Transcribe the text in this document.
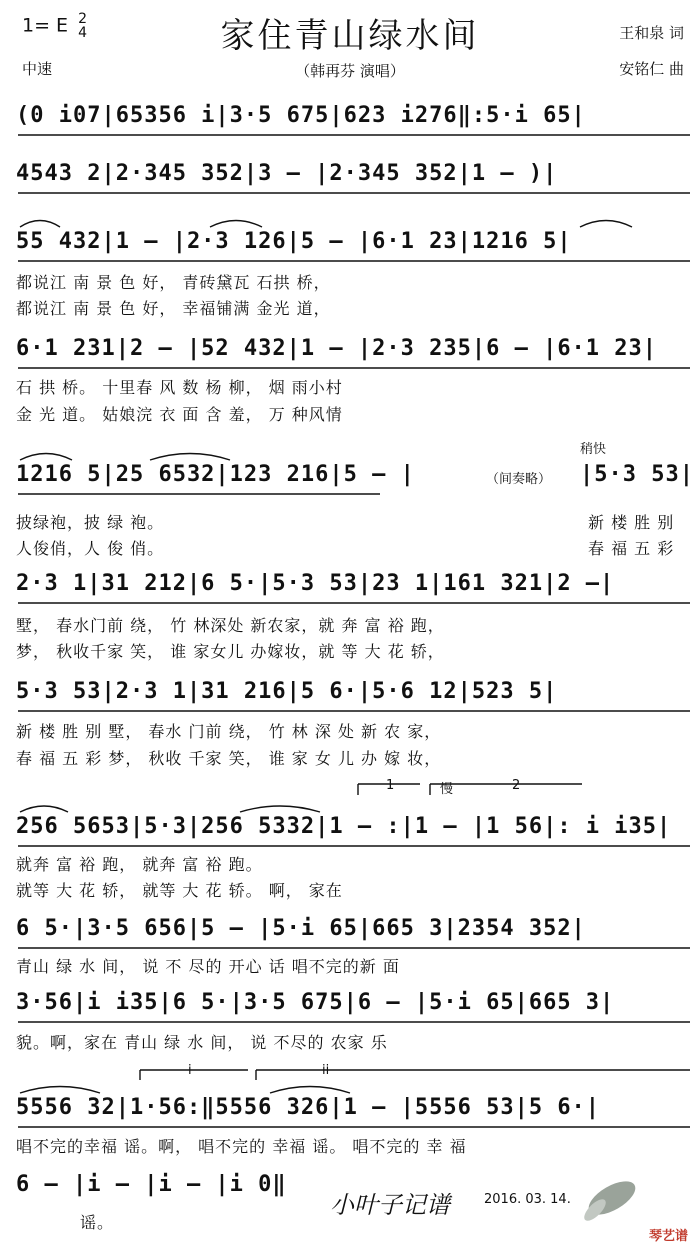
1= E 2
4
中速
家住青山绿水间
（韩再芬 演唱）
王和泉 词
安铭仁 曲
(0 i07|65356 i|3·5 675|623 i276‖:5·i 65|
4543 2|2·345 352|3 – |2·345 352|1 – )|
55 432|1 – |2·3 126|5 – |6·1 23|1216 5|
都说江 南 景 色 好， 青砖黛瓦 石拱 桥，
都说江 南 景 色 好， 幸福铺满 金光 道，
6·1 231|2 – |52 432|1 – |2·3 235|6 – |6·1 23|
石 拱 桥。 十里春 风 数 杨 柳， 烟 雨小村
金 光 道。 姑娘浣 衣 面 含 羞， 万 种风情
稍快
1216 5|25 6532|123 216|5 – |	（间奏略） |5·3 53|
披绿袍，披 绿 袍。	新 楼 胜 别
人俊俏，人 俊 俏。	春 福 五 彩
2·3 1|31 212|6 5·|5·3 53|23 1|161 321|2 –|
墅， 春水门前 绕， 竹 林深处 新农家，就 奔 富 裕 跑，
梦， 秋收千家 笑， 谁 家女儿 办嫁妆，就 等 大 花 轿，
5·3 53|2·3 1|31 216|5 6·|5·6 12|523 5|
新 楼 胜 别 墅， 春水 门前 绕， 竹 林 深 处 新 农 家，
春 福 五 彩 梦， 秋收 千家 笑， 谁 家 女 儿 办 嫁 妆，
1	慢	2
256 5653|5·3|256 5332|1 – :|1 – |1 56|: i i35|
就奔 富 裕 跑， 就奔 富 裕 跑。
就等 大 花 轿， 就等 大 花 轿。 啊， 家在
6 5·|3·5 656|5 – |5·i 65|665 3|2354 352|
青山 绿 水 间， 说 不 尽的 开心 话 唱不完的新 面
3·56|i i35|6 5·|3·5 675|6 – |5·i 65|665 3|
貌。啊，家在 青山 绿 水 间， 说 不尽的 农家 乐
i	ii
5556 32|1·56:‖5556 326|1 – |5556 53|5 6·|
唱不完的幸福 谣。啊， 唱不完的 幸福 谣。 唱不完的 幸 福
6 – |i – |i – |i 0‖
谣。
小叶子记谱	2016. 03. 14.
琴艺谱
